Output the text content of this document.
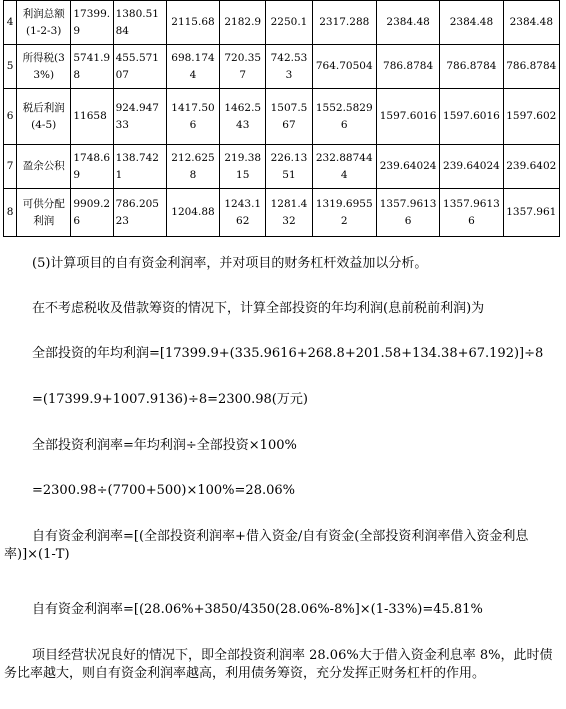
4	利润总额(1-2-3)	17399.9	1380.5184	2115.68	2182.9	2250.1	2317.288	2384.48	2384.48	2384.48
5	所得税(33%)	5741.98	455.57107	698.1744	720.357	742.533	764.70504	786.8784	786.8784	786.8784
6	税后利润(4-5)	11658	924.94733	1417.506	1462.543	1507.567	1552.58296	1597.6016	1597.6016	1597.602
7	盈余公积	1748.69	138.7421	212.6258	219.3815	226.1351	232.887444	239.64024	239.64024	239.6402
8	可供分配利润	9909.26	786.20523	1204.88	1243.162	1281.432	1319.69552	1357.96136	1357.96136	1357.961

(5)计算项目的自有资金利润率，并对项目的财务杠杆效益加以分析。

在不考虑税收及借款筹资的情况下，计算全部投资的年均利润(息前税前利润)为

全部投资的年均利润=[17399.9+(335.9616+268.8+201.58+134.38+67.192)]÷8

=(17399.9+1007.9136)÷8=2300.98(万元)

全部投资利润率=年均利润÷全部投资×100%

=2300.98÷(7700+500)×100%=28.06%

自有资金利润率=[(全部投资利润率+借入资金/自有资金(全部投资利润率借入资金利息率)]×(1-T)

自有资金利润率=[(28.06%+3850/4350(28.06%-8%]×(1-33%)=45.81%

项目经营状况良好的情况下，即全部投资利润率 28.06%大于借入资金利息率 8%，此时债务比率越大，则自有资金利润率越高，利用债务筹资，充分发挥正财务杠杆的作用。
